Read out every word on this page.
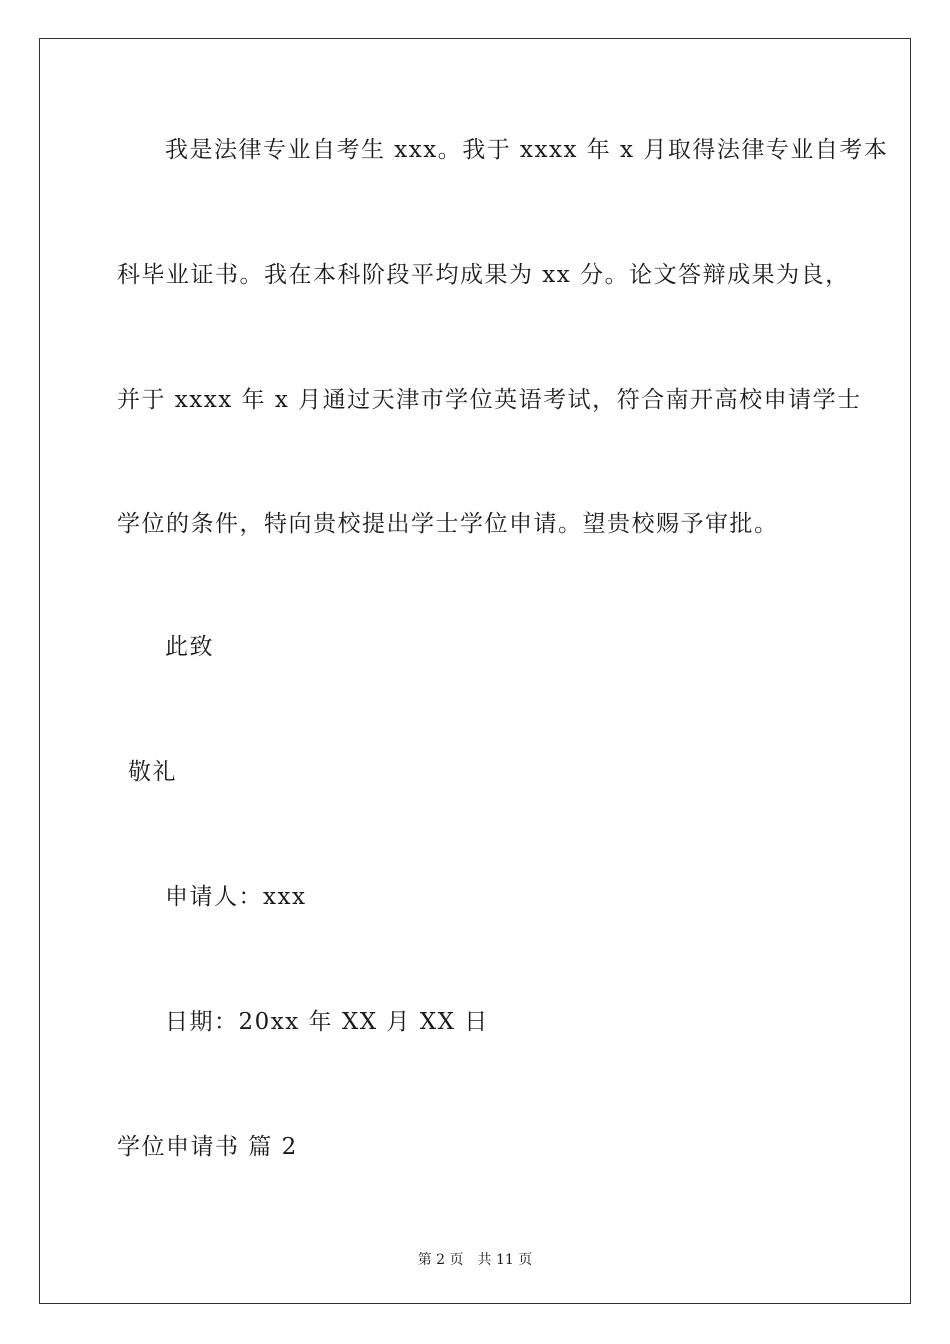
我是法律专业自考生 xxx。我于 xxxx 年 x 月取得法律专业自考本
科毕业证书。我在本科阶段平均成果为 xx 分。论文答辩成果为良，
并于 xxxx 年 x 月通过天津市学位英语考试，符合南开高校申请学士
学位的条件，特向贵校提出学士学位申请。望贵校赐予审批。
此致
敬礼
申请人：xxx
日期：20xx 年 XX 月 XX 日
学位申请书 篇 2
第 2 页　共 11 页
